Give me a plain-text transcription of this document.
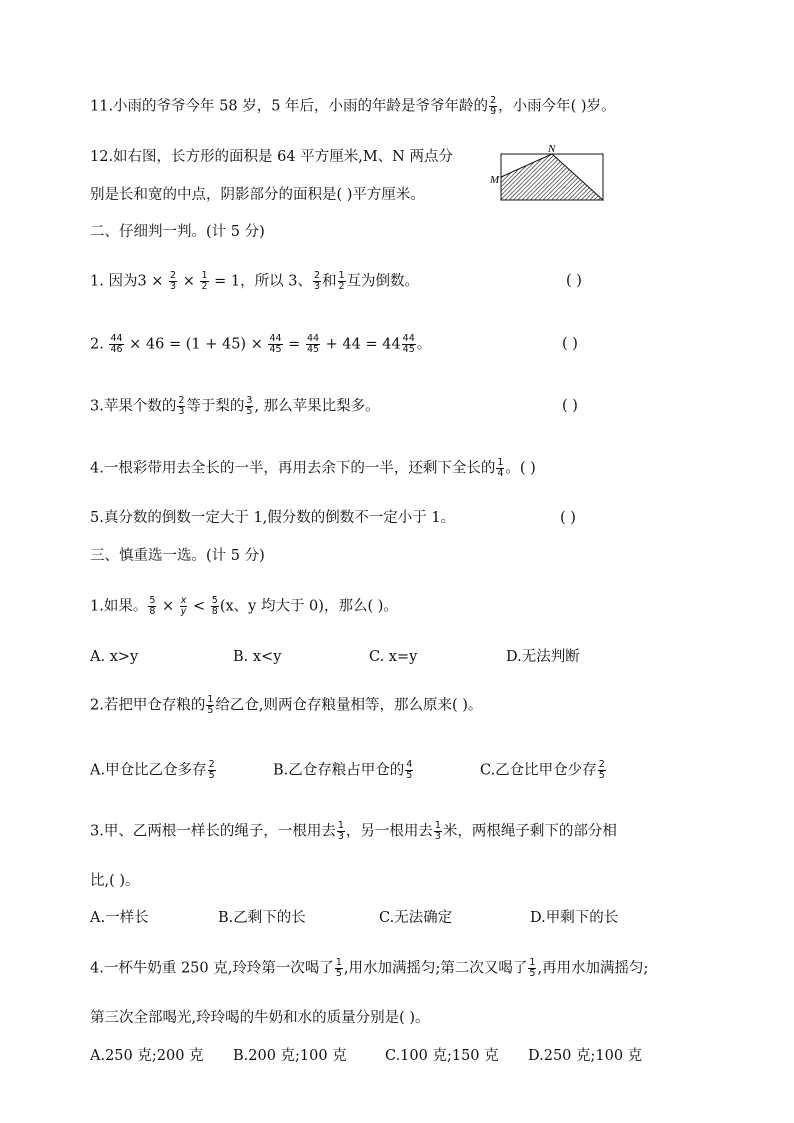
11.小雨的爷爷今年 58 岁，5 年后，小雨的年龄是爷爷年龄的 $\frac{2}{9}$ ，小雨今年( )岁。
12.如右图，长方形的面积是 64 平方厘米,M、N 两点分
别是长和宽的中点，阴影部分的面积是( )平方厘米。
N
M
二、仔细判一判。(计 5 分)
1. 因为$3 \times \frac{2}{3} \times \frac{1}{2} = 1$，所以 3、 $\frac{2}{3}$ 和 $\frac{1}{2}$ 互为倒数。	( )
2. $\frac{44}{46} \times 46 = (1 + 45) \times \frac{44}{45} = \frac{44}{45} + 44 = 44 \frac{44}{45}$ 。	( )
3.苹果个数的 $\frac{2}{3}$ 等于梨的 $\frac{3}{5}$ , 那么苹果比梨多。	( )
4.一根彩带用去全长的一半，再用去余下的一半，还剩下全长的 $\frac{1}{4}$ 。( )
5.真分数的倒数一定大于 1,假分数的倒数不一定小于 1。	( )
三、慎重选一选。(计 5 分)
1.如果。 $\frac{5}{8} \times \frac{x}{y} < \frac{5}{8} (x$、y 均大于 0)，那么( )。
A. x>y	B. x<y	C. x=y	D.无法判断
2.若把甲仓存粮的 $\frac{1}{5}$ 给乙仓,则两仓存粮量相等，那么原来( )。
A.甲仓比乙仓多存 $\frac{2}{5}$	B.乙仓存粮占甲仓的 $\frac{4}{5}$	C.乙仓比甲仓少存 $\frac{2}{5}$
3.甲、乙两根一样长的绳子，一根用去 $\frac{1}{3}$ ，另一根用去 $\frac{1}{3}$ 米，两根绳子剩下的部分相
比,( )。
A.一样长	B.乙剩下的长	C.无法确定	D.甲剩下的长
4.一杯牛奶重 250 克,玲玲第一次喝了 $\frac{1}{5}$ ,用水加满摇匀;第二次又喝了 $\frac{1}{5}$ ,再用水加满摇匀;
第三次全部喝光,玲玲喝的牛奶和水的质量分别是( )。
A.250 克;200 克 B.200 克;100 克	C.100 克;150 克 D.250 克;100 克
